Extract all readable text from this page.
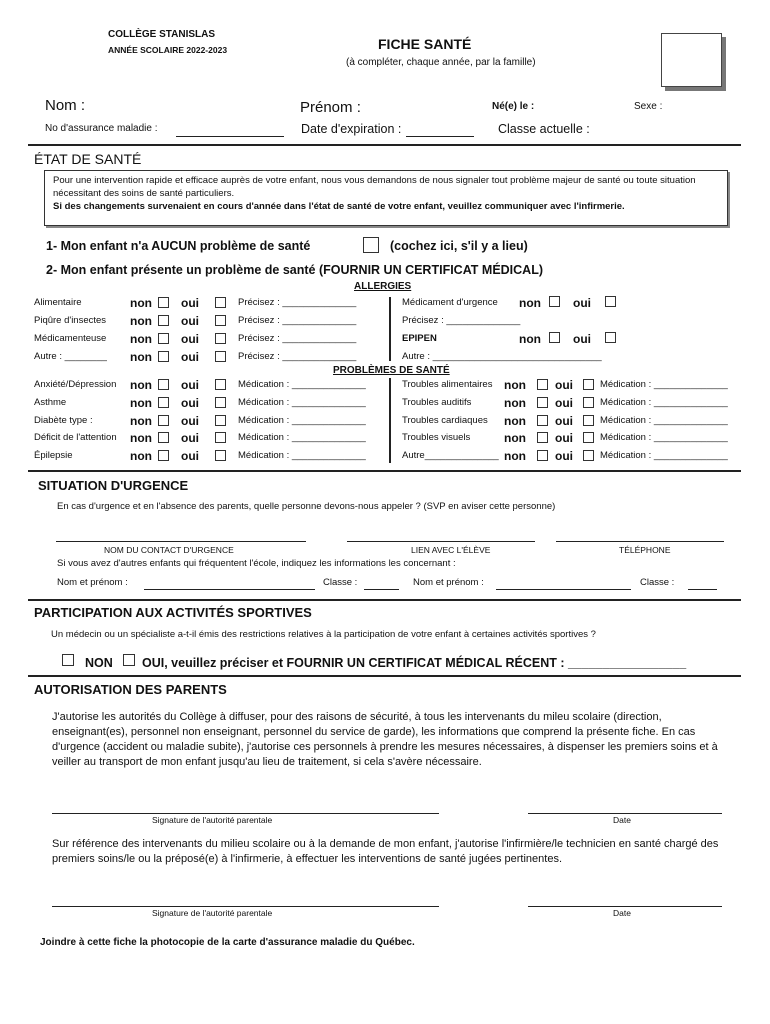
COLLÈGE STANISLAS
ANNÉE SCOLAIRE 2022-2023	FICHE SANTÉ
(à compléter, chaque année, par la famille)
Nom :	Prénom :	Né(e) le :	Sexe :
No d'assurance maladie :	Date d'expiration :	Classe actuelle :
ÉTAT DE SANTÉ
Pour une intervention rapide et efficace auprès de votre enfant, nous vous demandons de nous signaler tout problème majeur de santé ou toute situation nécessitant des soins de santé particuliers.
Si des changements survenaient en cours d'année dans l'état de santé de votre enfant, veuillez communiquer avec l'infirmerie.
1- Mon enfant n'a AUCUN problème de santé	(cochez ici, s'il y a lieu)
2- Mon enfant présente un problème de santé (FOURNIR UN CERTIFICAT MÉDICAL)
ALLERGIES
Alimentaire	non oui	Précisez : ______________
Piqûre d'insectes non oui	Précisez : ______________
Médicamenteuse non oui	Précisez : ______________
Autre : ________ non oui	Précisez : ______________
Médicament d'urgence non	oui
Précisez : ______________
EPIPEN	non	oui
Autre : ________________________________
PROBLÈMES DE SANTÉ
Anxiété/Dépression non oui	Médication : ______________
Asthme	non oui	Médication : ______________
Diabète type :	non oui	Médication : ______________
Déficit de l'attention non oui	Médication : ______________
Épilepsie	non oui	Médication : ______________
Troubles alimentaires non oui	Médication : ______________
Troubles auditifs	non oui	Médication : ______________
Troubles cardiaques non oui	Médication : ______________
Troubles visuels	non oui	Médication : ______________
Autre______________ non oui	Médication : ______________
SITUATION D'URGENCE
En cas d'urgence et en l'absence des parents, quelle personne devons-nous appeler ? (SVP en aviser cette personne)
NOM DU CONTACT D'URGENCE	LIEN AVEC L'ÉLÈVE	TÉLÉPHONE
Si vous avez d'autres enfants qui fréquentent l'école, indiquez les informations les concernant :
Nom et prénom :	Classe :	Nom et prénom :	Classe :
PARTICIPATION AUX ACTIVITÉS SPORTIVES
Un médecin ou un spécialiste a-t-il émis des restrictions relatives à la participation de votre enfant à certaines activités sportives ?
NON OUI, veuillez préciser et FOURNIR UN CERTIFICAT MÉDICAL RÉCENT : _________________
AUTORISATION DES PARENTS
J'autorise les autorités du Collège à diffuser, pour des raisons de sécurité, à tous les intervenants du mileu scolaire (direction, enseignant(es), personnel non enseignant, personnel du service de garde), les informations que comprend la présente fiche. En cas d'urgence (accident ou maladie subite), j'autorise ces personnels à prendre les mesures nécessaires, à dispenser les premiers soins et à veiller au transport de mon enfant jusqu'au lieu de traitement, si cela s'avère nécessaire.
Signature de l'autorité parentale	Date
Sur référence des intervenants du milieu scolaire ou à la demande de mon enfant, j'autorise l'infirmière/le technicien en santé chargé des premiers soins/le ou la préposé(e) à l'infirmerie, à effectuer les interventions de santé jugées pertinentes.
Signature de l'autorité parentale	Date
Joindre à cette fiche la photocopie de la carte d'assurance maladie du Québec.
